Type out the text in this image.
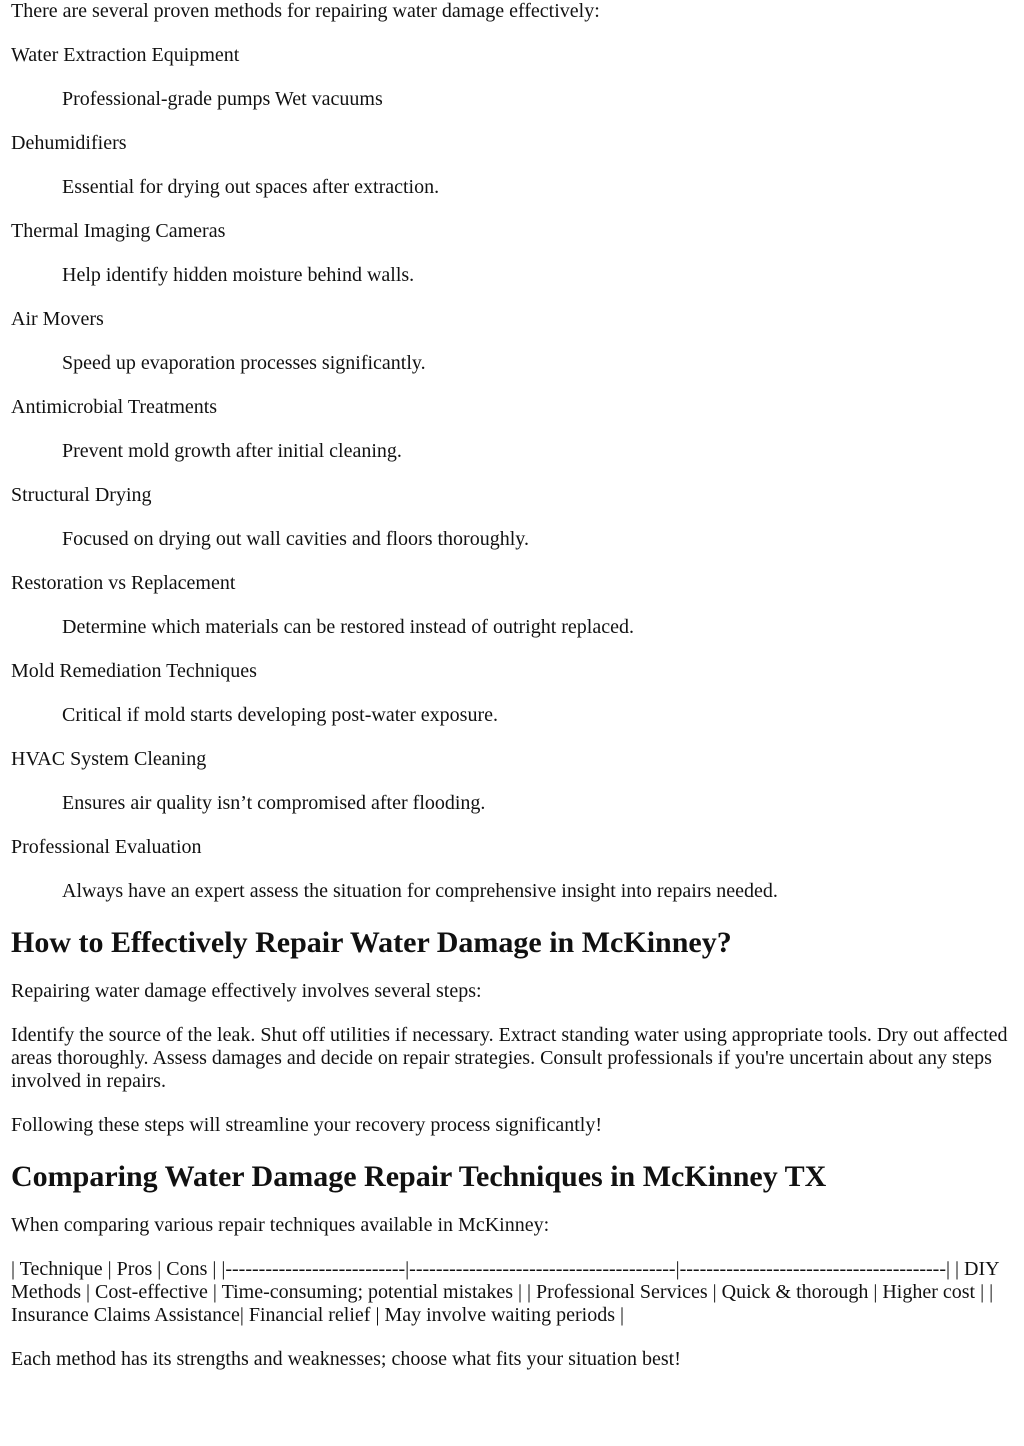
There are several proven methods for repairing water damage effectively:

Water Extraction Equipment
Professional-grade pumps Wet vacuums
Dehumidifiers
Essential for drying out spaces after extraction.
Thermal Imaging Cameras
Help identify hidden moisture behind walls.
Air Movers
Speed up evaporation processes significantly.
Antimicrobial Treatments
Prevent mold growth after initial cleaning.
Structural Drying
Focused on drying out wall cavities and floors thoroughly.
Restoration vs Replacement
Determine which materials can be restored instead of outright replaced.
Mold Remediation Techniques
Critical if mold starts developing post-water exposure.
HVAC System Cleaning
Ensures air quality isn’t compromised after flooding.
Professional Evaluation
Always have an expert assess the situation for comprehensive insight into repairs needed.
How to Effectively Repair Water Damage in McKinney?

Repairing water damage effectively involves several steps:

Identify the source of the leak. Shut off utilities if necessary. Extract standing water using appropriate tools. Dry out affected areas thoroughly. Assess damages and decide on repair strategies. Consult professionals if you're uncertain about any steps involved in repairs.

Following these steps will streamline your recovery process significantly!

Comparing Water Damage Repair Techniques in McKinney TX

When comparing various repair techniques available in McKinney:

| Technique | Pros | Cons | |---------------------------|----------------------------------------|----------------------------------------| | DIY Methods | Cost-effective | Time-consuming; potential mistakes | | Professional Services | Quick & thorough | Higher cost | | Insurance Claims Assistance| Financial relief | May involve waiting periods |

Each method has its strengths and weaknesses; choose what fits your situation best!
